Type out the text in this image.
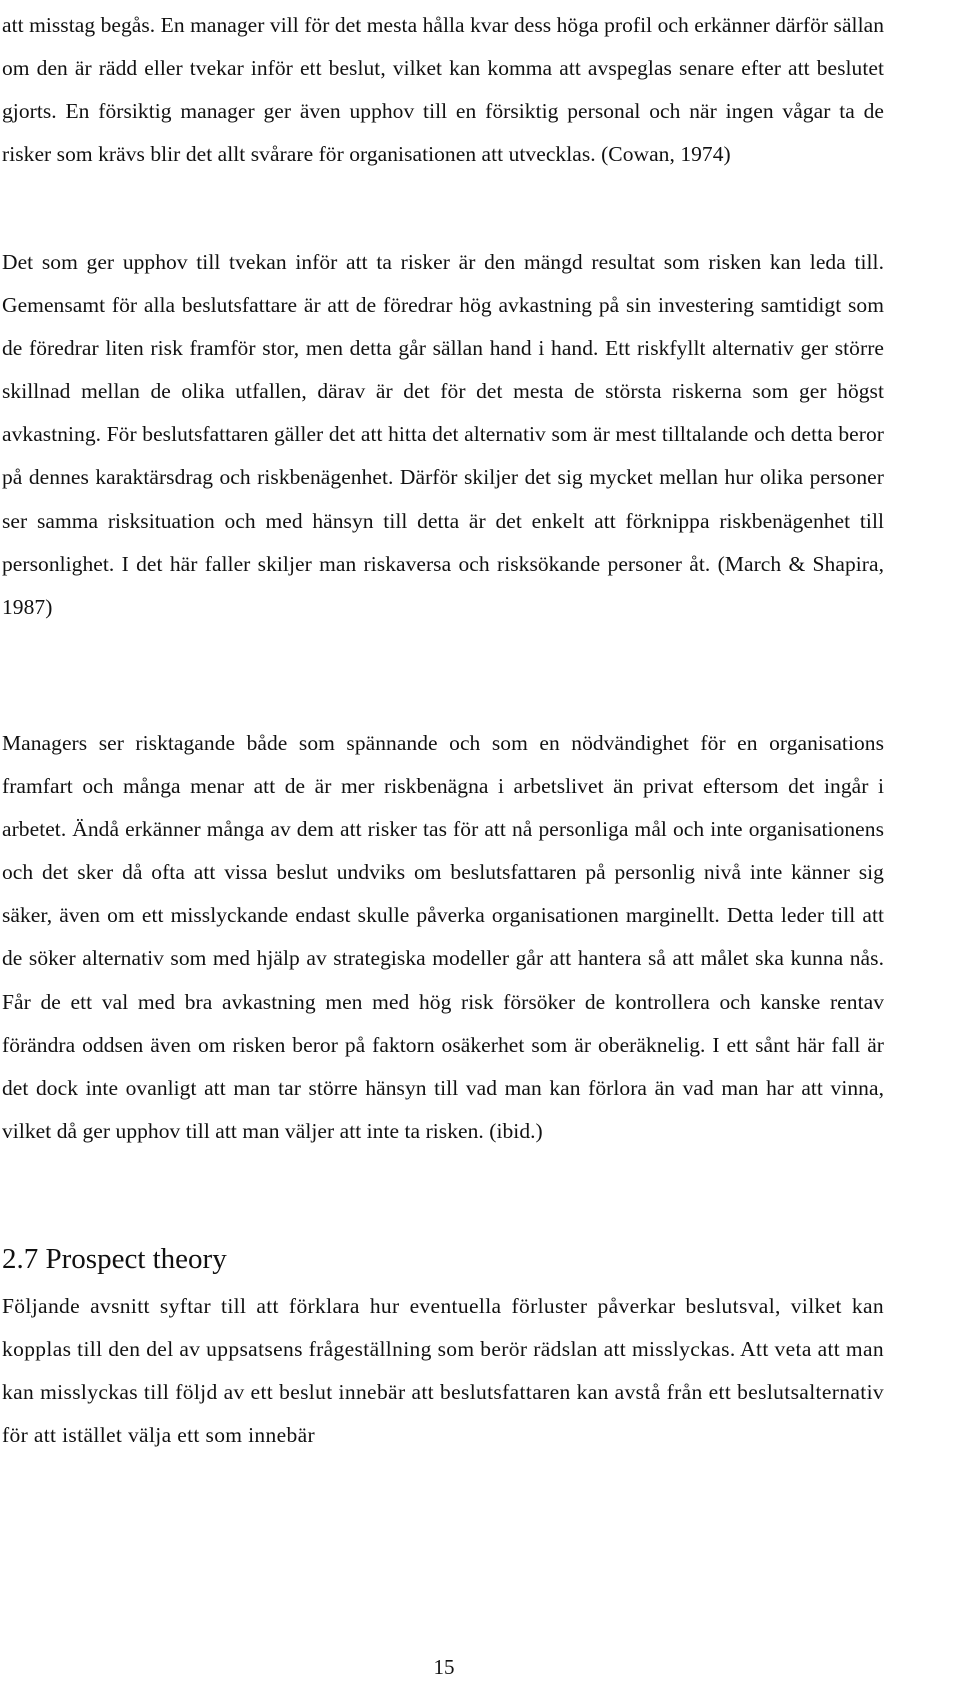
att misstag begås. En manager vill för det mesta hålla kvar dess höga profil och erkänner därför sällan om den är rädd eller tvekar inför ett beslut, vilket kan komma att avspeglas senare efter att beslutet gjorts. En försiktig manager ger även upphov till en försiktig personal och när ingen vågar ta de risker som krävs blir det allt svårare för organisationen att utvecklas. (Cowan, 1974)

Det som ger upphov till tvekan inför att ta risker är den mängd resultat som risken kan leda till. Gemensamt för alla beslutsfattare är att de föredrar hög avkastning på sin investering samtidigt som de föredrar liten risk framför stor, men detta går sällan hand i hand. Ett riskfyllt alternativ ger större skillnad mellan de olika utfallen, därav är det för det mesta de största riskerna som ger högst avkastning. För beslutsfattaren gäller det att hitta det alternativ som är mest tilltalande och detta beror på dennes karaktärsdrag och riskbenägenhet. Därför skiljer det sig mycket mellan hur olika personer ser samma risksituation och med hänsyn till detta är det enkelt att förknippa riskbenägenhet till personlighet. I det här faller skiljer man riskaversa och risksökande personer åt. (March & Shapira, 1987)

Managers ser risktagande både som spännande och som en nödvändighet för en organisations framfart och många menar att de är mer riskbenägna i arbetslivet än privat eftersom det ingår i arbetet. Ändå erkänner många av dem att risker tas för att nå personliga mål och inte organisationens och det sker då ofta att vissa beslut undviks om beslutsfattaren på personlig nivå inte känner sig säker, även om ett misslyckande endast skulle påverka organisationen marginellt. Detta leder till att de söker alternativ som med hjälp av strategiska modeller går att hantera så att målet ska kunna nås. Får de ett val med bra avkastning men med hög risk försöker de kontrollera och kanske rentav förändra oddsen även om risken beror på faktorn osäkerhet som är oberäknelig. I ett sånt här fall är det dock inte ovanligt att man tar större hänsyn till vad man kan förlora än vad man har att vinna, vilket då ger upphov till att man väljer att inte ta risken. (ibid.)

2.7 Prospect theory

Följande avsnitt syftar till att förklara hur eventuella förluster påverkar beslutsval, vilket kan kopplas till den del av uppsatsens frågeställning som berör rädslan att misslyckas. Att veta att man kan misslyckas till följd av ett beslut innebär att beslutsfattaren kan avstå från ett beslutsalternativ för att istället välja ett som innebär

15
